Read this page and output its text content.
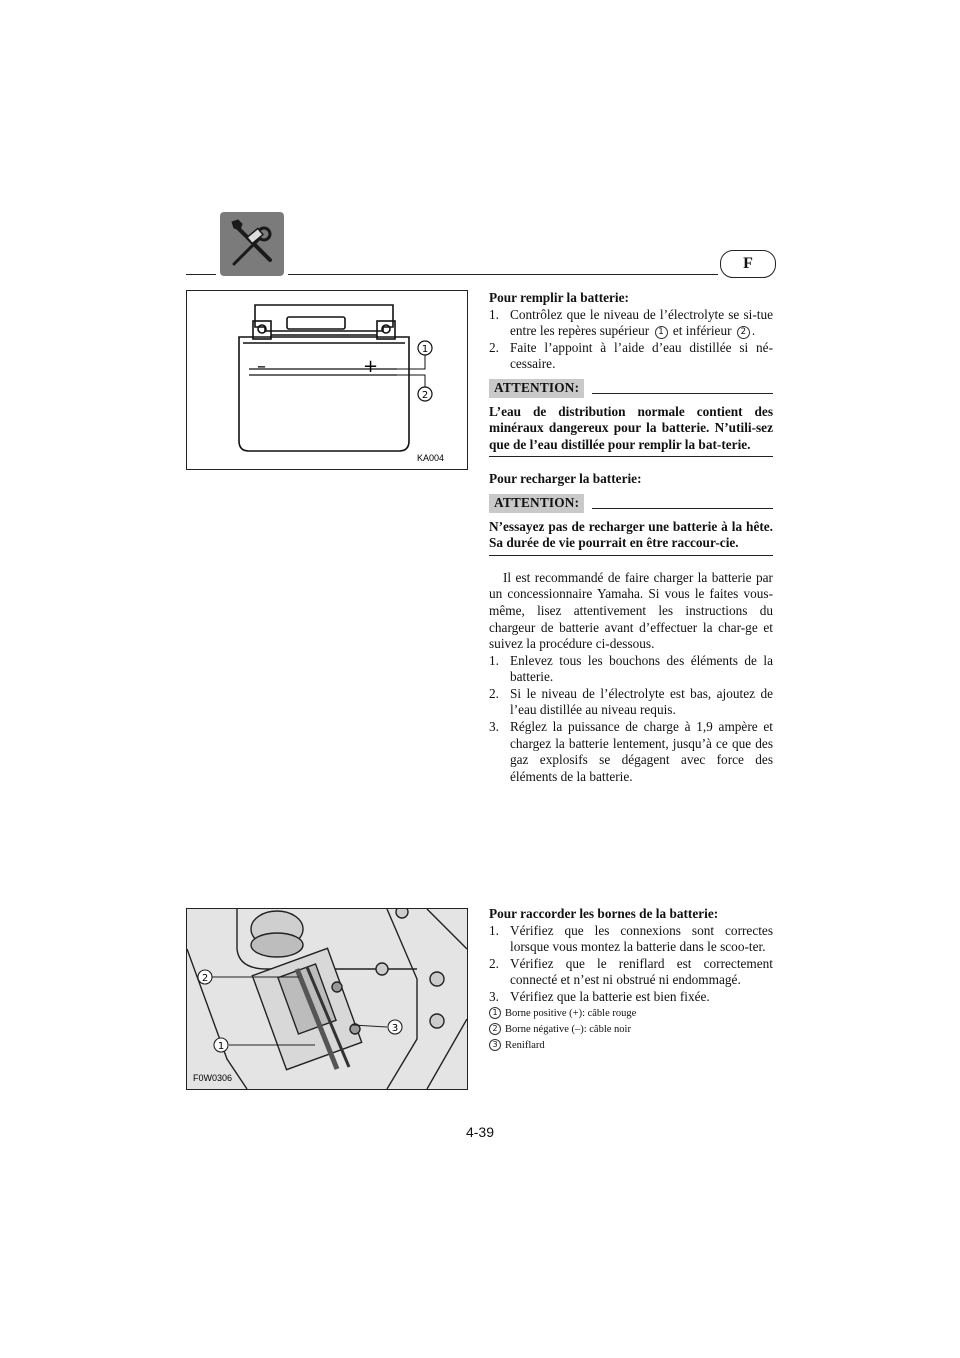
F
–	+
1
2
KA004
2
1
3
F0W0306

Pour remplir la batterie:

1. Contrôlez que le niveau de l’électrolyte se si-tue entre les repères supérieur 1 et inférieur 2 .
2. Faite l’appoint à l’aide d’eau distillée si né-cessaire.
ATTENTION:
L’eau de distribution normale contient des minéraux dangereux pour la batterie. N’utili-sez que de l’eau distillée pour remplir la bat-terie.

Pour recharger la batterie:

ATTENTION:
N’essayez pas de recharger une batterie à la hête. Sa durée de vie pourrait en être raccour-cie.

Il est recommandé de faire charger la batterie par un concessionnaire Yamaha. Si vous le faites vous-même, lisez attentivement les instructions du chargeur de batterie avant d’effectuer la char-ge et suivez la procédure ci-dessous.

1. Enlevez tous les bouchons des éléments de la batterie.
2. Si le niveau de l’électrolyte est bas, ajoutez de l’eau distillée au niveau requis.
3. Réglez la puissance de charge à 1,9 ampère et chargez la batterie lentement, jusqu’à ce que des gaz explosifs se dégagent avec force des éléments de la batterie.

Pour raccorder les bornes de la batterie:

1. Vérifiez que les connexions sont correctes lorsque vous montez la batterie dans le scoo-ter.
2. Vérifiez que le reniflard est correctement connecté et n’est ni obstrué ni endommagé.
3. Vérifiez que la batterie est bien fixée.
1 Borne positive (+): câble rouge
2 Borne négative (–): câble noir
3 Reniflard
4-39
